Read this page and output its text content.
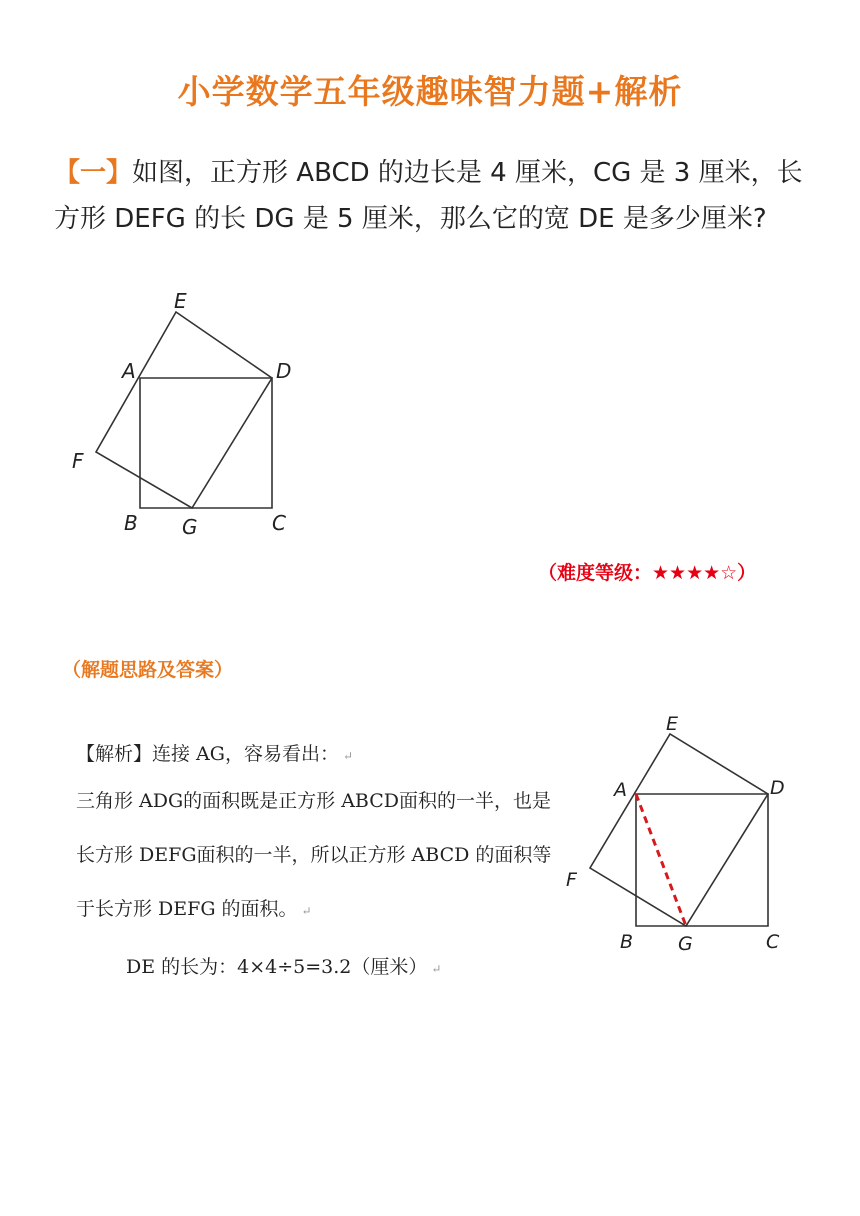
小学数学五年级趣味智力题+解析
【一】如图，正方形 ABCD 的边长是 4 厘米，CG 是 3 厘米，长方形 DEFG 的长 DG 是 5 厘米，那么它的宽 DE 是多少厘米?
E
A	D
F
B G	C
（难度等级：★★★★☆）
（解题思路及答案）

【解析】连接 AG，容易看出： ↵

三角形 ADG的面积既是正方形 ABCD面积的一半，也是长方形 DEFG面积的一半，所以正方形 ABCD 的面积等于长方形 DEFG 的面积。 ↵

DE 的长为：4×4÷5=3.2（厘米） ↵

E
A	D
F
B G	C
